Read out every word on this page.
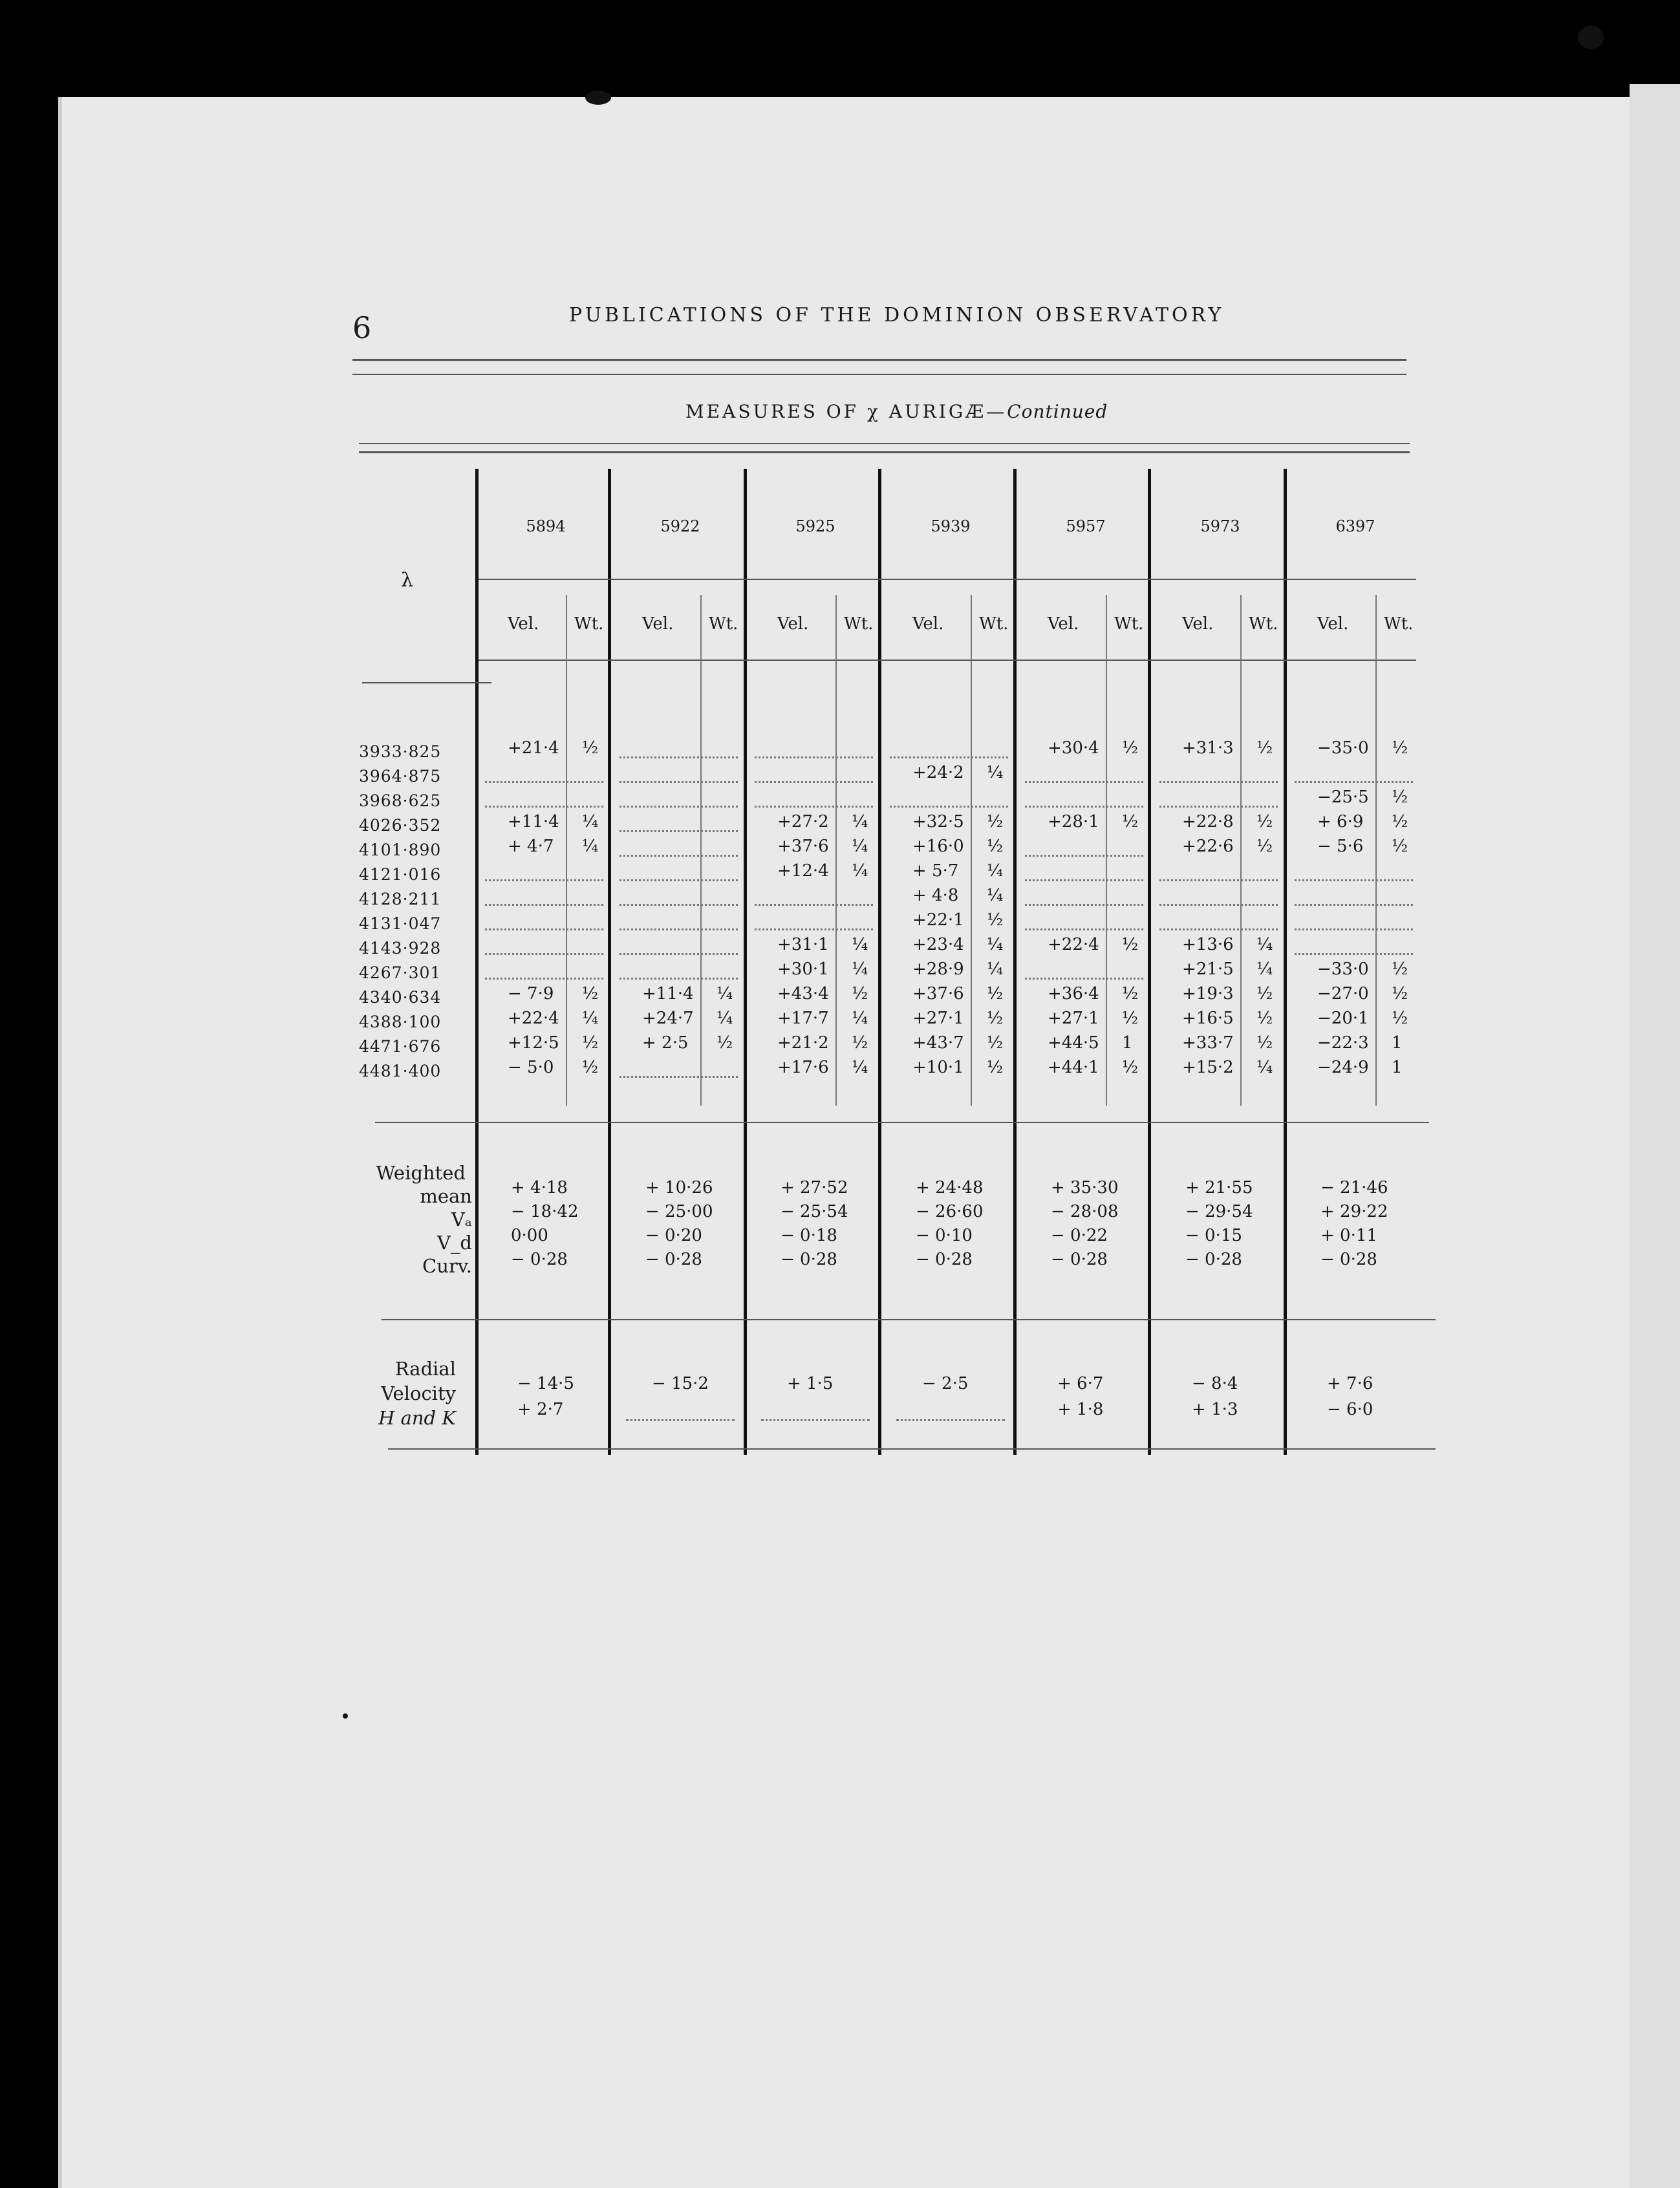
6	PUBLICATIONS OF THE DOMINION OBSERVATORY
MEASURES OF χ AURIGÆ—Continued
λ
5894
Vel. Wt.
+21·4 ½
+11·4 ¼
+ 4·7 ¼
− 7·9 ½
+22·4 ¼
+12·5 ½
− 5·0 ½
+ 4·18
− 18·42
0·00
− 0·28
− 14·5
+ 2·7
5922
Vel. Wt.
+11·4 ¼
+24·7 ¼
+ 2·5 ½
+ 10·26
− 25·00
− 0·20
− 0·28
− 15·2
5925
Vel. Wt.
+27·2 ¼
+37·6 ¼
+12·4 ¼
+31·1 ¼
+30·1 ¼
+43·4 ½
+17·7 ¼
+21·2 ½
+17·6 ¼
+ 27·52
− 25·54
− 0·18
− 0·28
+ 1·5
5939
Vel. Wt.
+24·2 ¼
+32·5 ½
+16·0 ½
+ 5·7 ¼
+ 4·8 ¼
+22·1 ½
+23·4 ¼
+28·9 ¼
+37·6 ½
+27·1 ½
+43·7 ½
+10·1 ½
+ 24·48
− 26·60
− 0·10
− 0·28
− 2·5
5957
Vel. Wt.
+30·4 ½
+28·1 ½
+22·4 ½
+36·4 ½
+27·1 ½
+44·5 1
+44·1 ½
+ 35·30
− 28·08
− 0·22
− 0·28
+ 6·7
+ 1·8
5973
Vel. Wt.
+31·3 ½
+22·8 ½
+22·6 ½
+13·6 ¼
+21·5 ¼
+19·3 ½
+16·5 ½
+33·7 ½
+15·2 ¼
+ 21·55
− 29·54
− 0·15
− 0·28
− 8·4
+ 1·3
6397
Vel. Wt.
−35·0 ½
−25·5 ½
+ 6·9 ½
− 5·6 ½
−33·0 ½
−27·0 ½
−20·1 ½
−22·3 1
−24·9 1
− 21·46
+ 29·22
+ 0·11
− 0·28
+ 7·6
− 6·0
3933·825
3964·875
3968·625
4026·352
4101·890
4121·016
4128·211
4131·047
4143·928
4267·301
4340·634
4388·100
4471·676
4481·400
Weighted
mean
Vₐ
V_d
Curv.
Radial
Velocity
H and K
